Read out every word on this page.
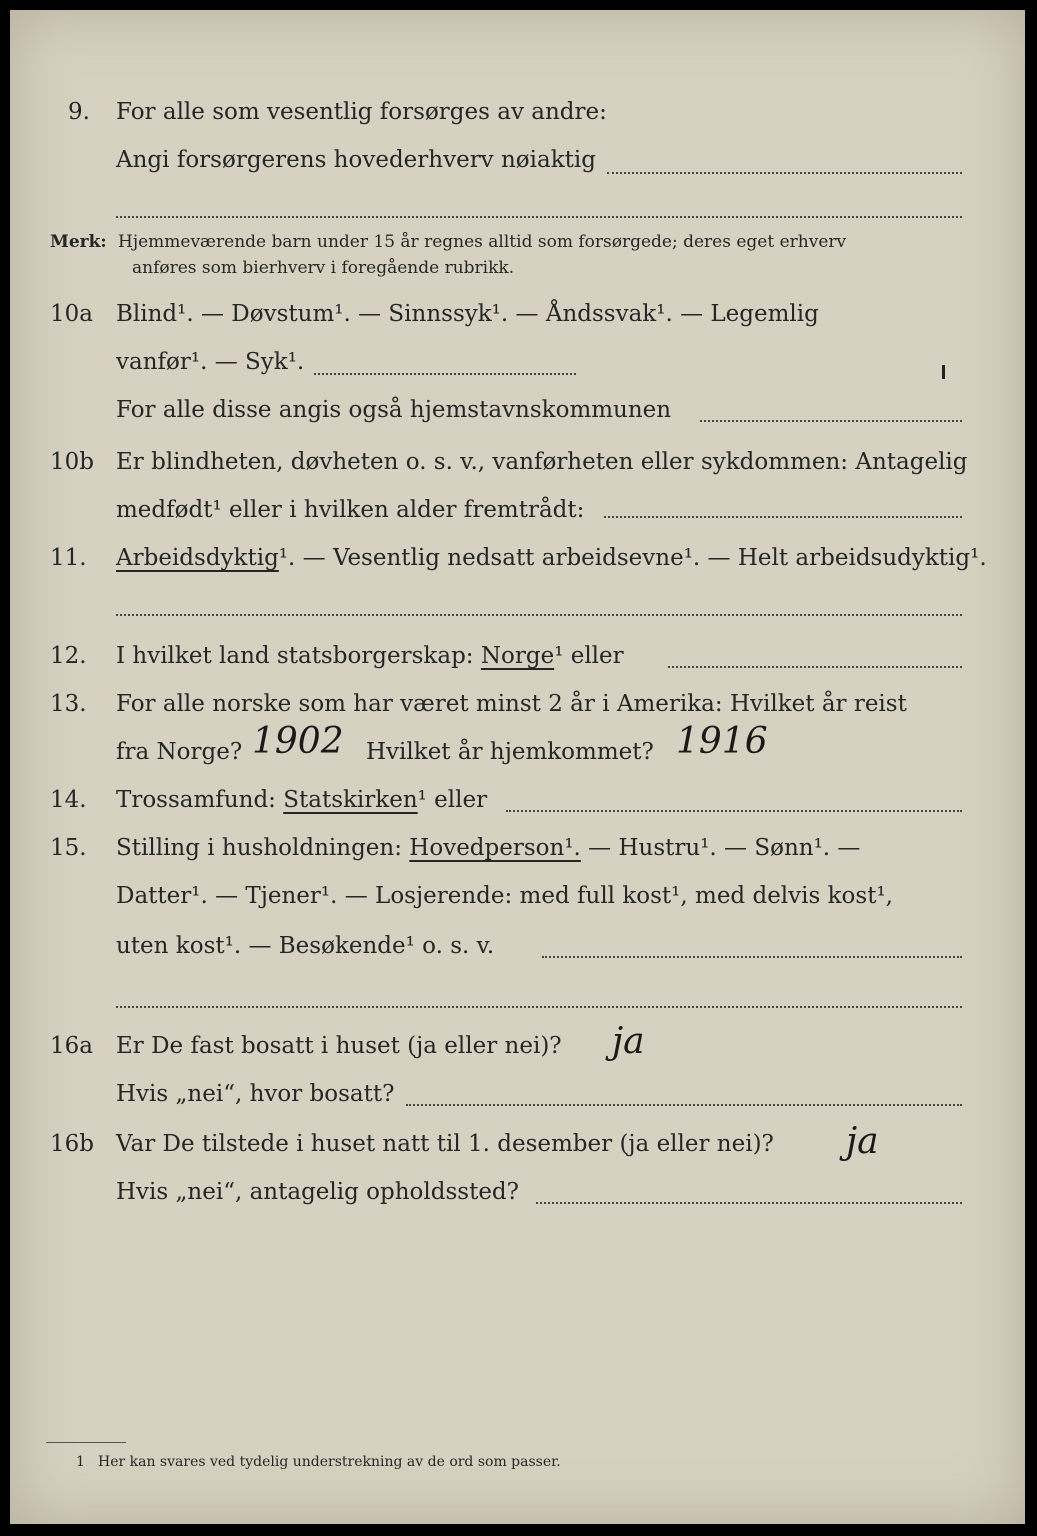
9. For alle som vesentlig forsørges av andre:
Angi forsørgerens hovederhverv nøiaktig
Merk: Hjemmeværende barn under 15 år regnes alltid som forsørgede; deres eget erhverv
anføres som bierhverv i foregående rubrikk.
10a Blind¹. — Døvstum¹. — Sinnssyk¹. — Åndssvak¹. — Legemlig
vanfør¹. — Syk¹.
For alle disse angis også hjemstavnskommunen
10b Er blindheten, døvheten o. s. v., vanførheten eller sykdommen: Antagelig
medfødt¹ eller i hvilken alder fremtrådt:
11. Arbeidsdyktig¹. — Vesentlig nedsatt arbeidsevne¹. — Helt arbeidsudyktig¹.
12. I hvilket land statsborgerskap: Norge¹ eller
13. For alle norske som har været minst 2 år i Amerika: Hvilket år reist
fra Norge? 1902 Hvilket år hjemkommet? 1916
14. Trossamfund: Statskirken¹ eller
15. Stilling i husholdningen: Hovedperson¹. — Hustru¹. — Sønn¹. —
Datter¹. — Tjener¹. — Losjerende: med full kost¹, med delvis kost¹,
uten kost¹. — Besøkende¹ o. s. v.
16a Er De fast bosatt i huset (ja eller nei)? ja
Hvis „nei“, hvor bosatt?
16b Var De tilstede i huset natt til 1. desember (ja eller nei)? ja
Hvis „nei“, antagelig opholdssted?
1 Her kan svares ved tydelig understrekning av de ord som passer.
